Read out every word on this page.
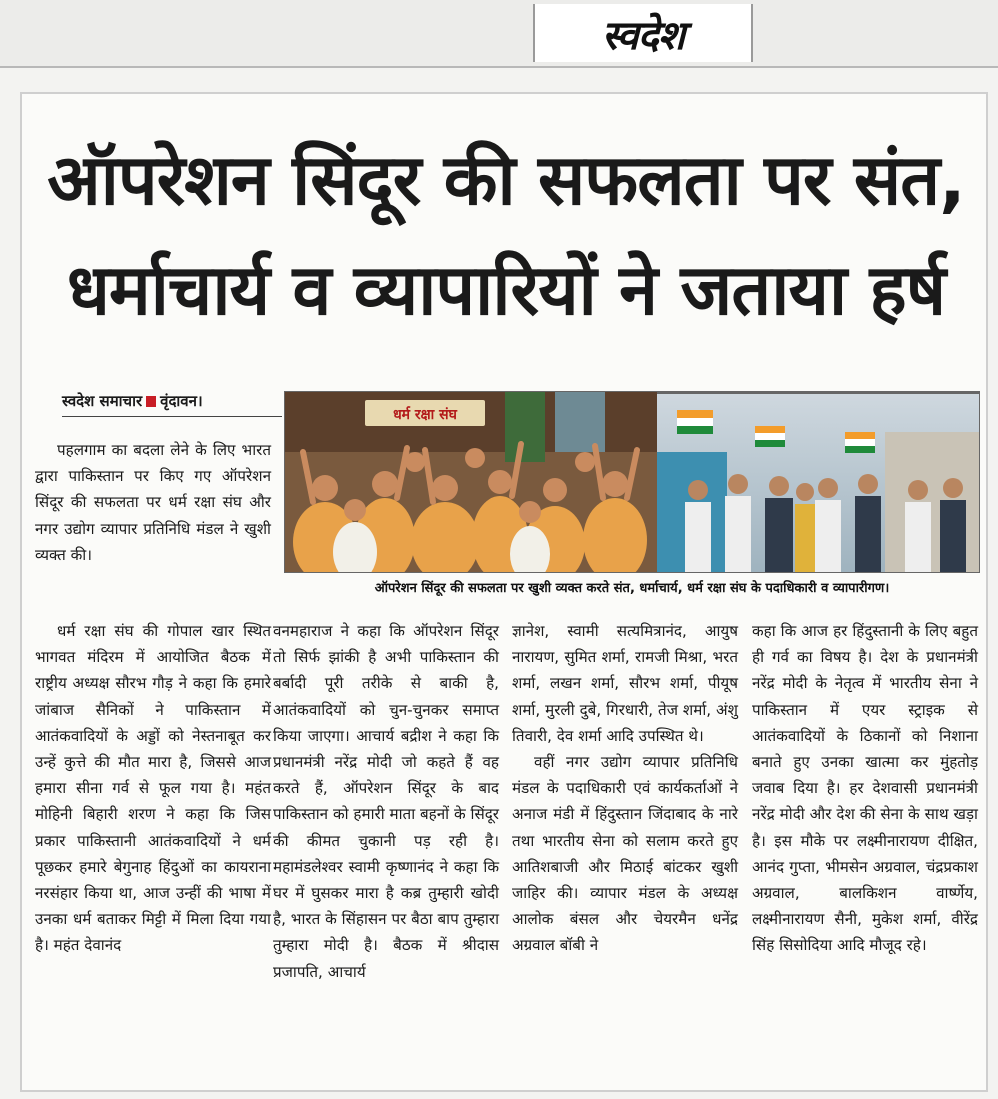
स्वदेश
ऑपरेशन सिंदूर की सफलता पर संत,
धर्माचार्य व व्यापारियों ने जताया हर्ष
स्वदेश समाचार वृंदावन।

पहलगाम का बदला लेने के लिए भारत द्वारा पाकिस्तान पर किए गए ऑपरेशन सिंदूर की सफलता पर धर्म रक्षा संघ और नगर उद्योग व्यापार प्रतिनिधि मंडल ने खुशी व्यक्त की।

धर्म रक्षा संघ
ऑपरेशन सिंदूर की सफलता पर खुशी व्यक्त करते संत, धर्माचार्य, धर्म रक्षा संघ के पदाधिकारी व व्यापारीगण।

धर्म रक्षा संघ की गोपाल खार स्थित भागवत मंदिरम में आयोजित बैठक में राष्ट्रीय अध्यक्ष सौरभ गौड़ ने कहा कि हमारे जांबाज सैनिकों ने पाकिस्तान में आतंकवादियों के अड्डों को नेस्तनाबूत कर उन्हें कुत्ते की मौत मारा है, जिससे आज हमारा सीना गर्व से फूल गया है। महंत मोहिनी बिहारी शरण ने कहा कि जिस प्रकार पाकिस्तानी आतंकवादियों ने धर्म पूछकर हमारे बेगुनाह हिंदुओं का कायराना नरसंहार किया था, आज उन्हीं की भाषा में उनका धर्म बताकर मिट्टी में मिला दिया गया है। महंत देवानंद

वनमहाराज ने कहा कि ऑपरेशन सिंदूर तो सिर्फ झांकी है अभी पाकिस्तान की बर्बादी पूरी तरीके से बाकी है, आतंकवादियों को चुन-चुनकर समाप्त किया जाएगा। आचार्य बद्रीश ने कहा कि प्रधानमंत्री नरेंद्र मोदी जो कहते हैं वह करते हैं, ऑपरेशन सिंदूर के बाद पाकिस्तान को हमारी माता बहनों के सिंदूर की कीमत चुकानी पड़ रही है। महामंडलेश्वर स्वामी कृष्णानंद ने कहा कि घर में घुसकर मारा है कब्र तुम्हारी खोदी है, भारत के सिंहासन पर बैठा बाप तुम्हारा तुम्हारा मोदी है। बैठक में श्रीदास प्रजापति, आचार्य

ज्ञानेश, स्वामी सत्यमित्रानंद, आयुष नारायण, सुमित शर्मा, रामजी मिश्रा, भरत शर्मा, लखन शर्मा, सौरभ शर्मा, पीयूष शर्मा, मुरली दुबे, गिरधारी, तेज शर्मा, अंशु तिवारी, देव शर्मा आदि उपस्थित थे।

वहीं नगर उद्योग व्यापार प्रतिनिधि मंडल के पदाधिकारी एवं कार्यकर्ताओं ने अनाज मंडी में हिंदुस्तान जिंदाबाद के नारे तथा भारतीय सेना को सलाम करते हुए आतिशबाजी और मिठाई बांटकर खुशी जाहिर की। व्यापार मंडल के अध्यक्ष आलोक बंसल और चेयरमैन धनेंद्र अग्रवाल बॉबी ने

कहा कि आज हर हिंदुस्तानी के लिए बहुत ही गर्व का विषय है। देश के प्रधानमंत्री नरेंद्र मोदी के नेतृत्व में भारतीय सेना ने पाकिस्तान में एयर स्ट्राइक से आतंकवादियों के ठिकानों को निशाना बनाते हुए उनका खात्मा कर मुंहतोड़ जवाब दिया है। हर देशवासी प्रधानमंत्री नरेंद्र मोदी और देश की सेना के साथ खड़ा है। इस मौके पर लक्ष्मीनारायण दीक्षित, आनंद गुप्ता, भीमसेन अग्रवाल, चंद्रप्रकाश अग्रवाल, बालकिशन वार्ष्णेय, लक्ष्मीनारायण सैनी, मुकेश शर्मा, वीरेंद्र सिंह सिसोदिया आदि मौजूद रहे।
